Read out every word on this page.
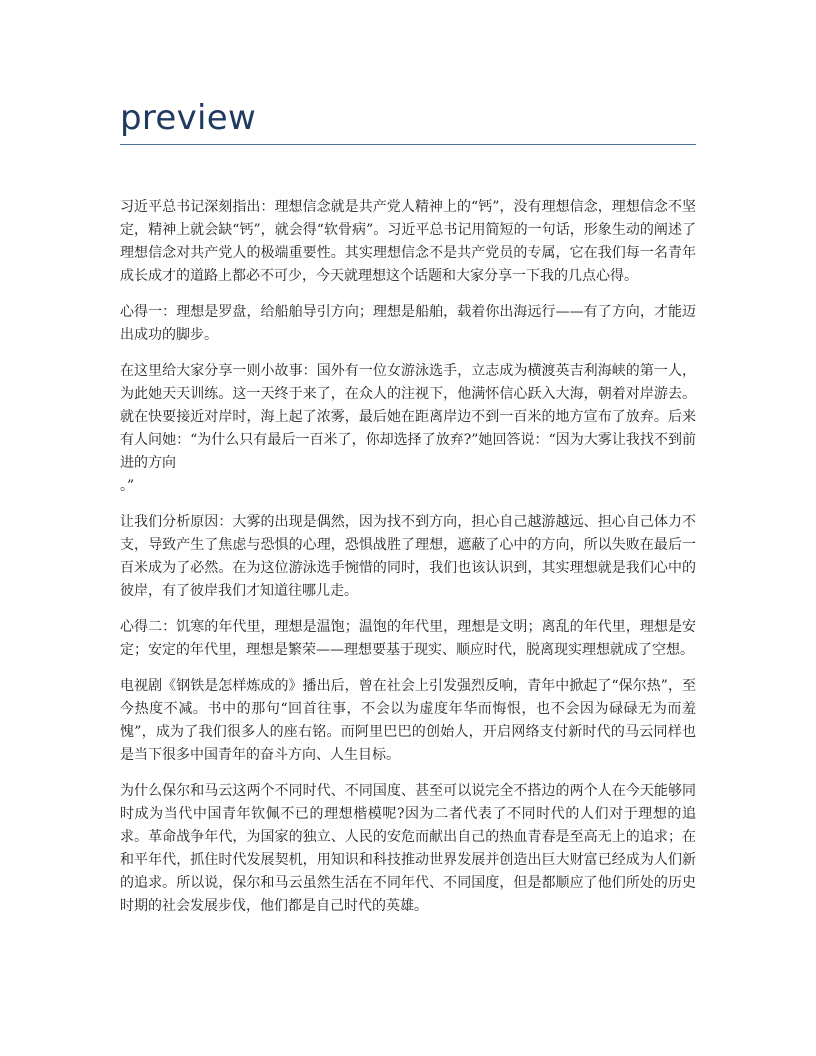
preview

习近平总书记深刻指出：理想信念就是共产党人精神上的“钙”，没有理想信念，理想信念不坚定，精神上就会缺“钙”，就会得“软骨病”。习近平总书记用简短的一句话，形象生动的阐述了理想信念对共产党人的极端重要性。其实理想信念不是共产党员的专属，它在我们每一名青年成长成才的道路上都必不可少，今天就理想这个话题和大家分享一下我的几点心得。

心得一：理想是罗盘，给船舶导引方向；理想是船舶，载着你出海远行——有了方向，才能迈出成功的脚步。

在这里给大家分享一则小故事：国外有一位女游泳选手，立志成为横渡英吉利海峡的第一人，为此她天天训练。这一天终于来了，在众人的注视下，他满怀信心跃入大海，朝着对岸游去。就在快要接近对岸时，海上起了浓雾，最后她在距离岸边不到一百米的地方宣布了放弃。后来有人问她：“为什么只有最后一百米了，你却选择了放弃?”她回答说：“因为大雾让我找不到前进的方向
。”

让我们分析原因：大雾的出现是偶然，因为找不到方向，担心自己越游越远、担心自己体力不支，导致产生了焦虑与恐惧的心理，恐惧战胜了理想，遮蔽了心中的方向，所以失败在最后一百米成为了必然。在为这位游泳选手惋惜的同时，我们也该认识到，其实理想就是我们心中的彼岸，有了彼岸我们才知道往哪儿走。

心得二：饥寒的年代里，理想是温饱；温饱的年代里，理想是文明；离乱的年代里，理想是安定；安定的年代里，理想是繁荣——理想要基于现实、顺应时代，脱离现实理想就成了空想。

电视剧《钢铁是怎样炼成的》播出后，曾在社会上引发强烈反响，青年中掀起了“保尔热”，至今热度不减。书中的那句“回首往事，不会以为虚度年华而悔恨，也不会因为碌碌无为而羞愧”，成为了我们很多人的座右铭。而阿里巴巴的创始人，开启网络支付新时代的马云同样也是当下很多中国青年的奋斗方向、人生目标。

为什么保尔和马云这两个不同时代、不同国度、甚至可以说完全不搭边的两个人在今天能够同时成为当代中国青年钦佩不已的理想楷模呢?因为二者代表了不同时代的人们对于理想的追求。革命战争年代，为国家的独立、人民的安危而献出自己的热血青春是至高无上的追求；在和平年代，抓住时代发展契机，用知识和科技推动世界发展并创造出巨大财富已经成为人们新的追求。所以说，保尔和马云虽然生活在不同年代、不同国度，但是都顺应了他们所处的历史时期的社会发展步伐，他们都是自己时代的英雄。
